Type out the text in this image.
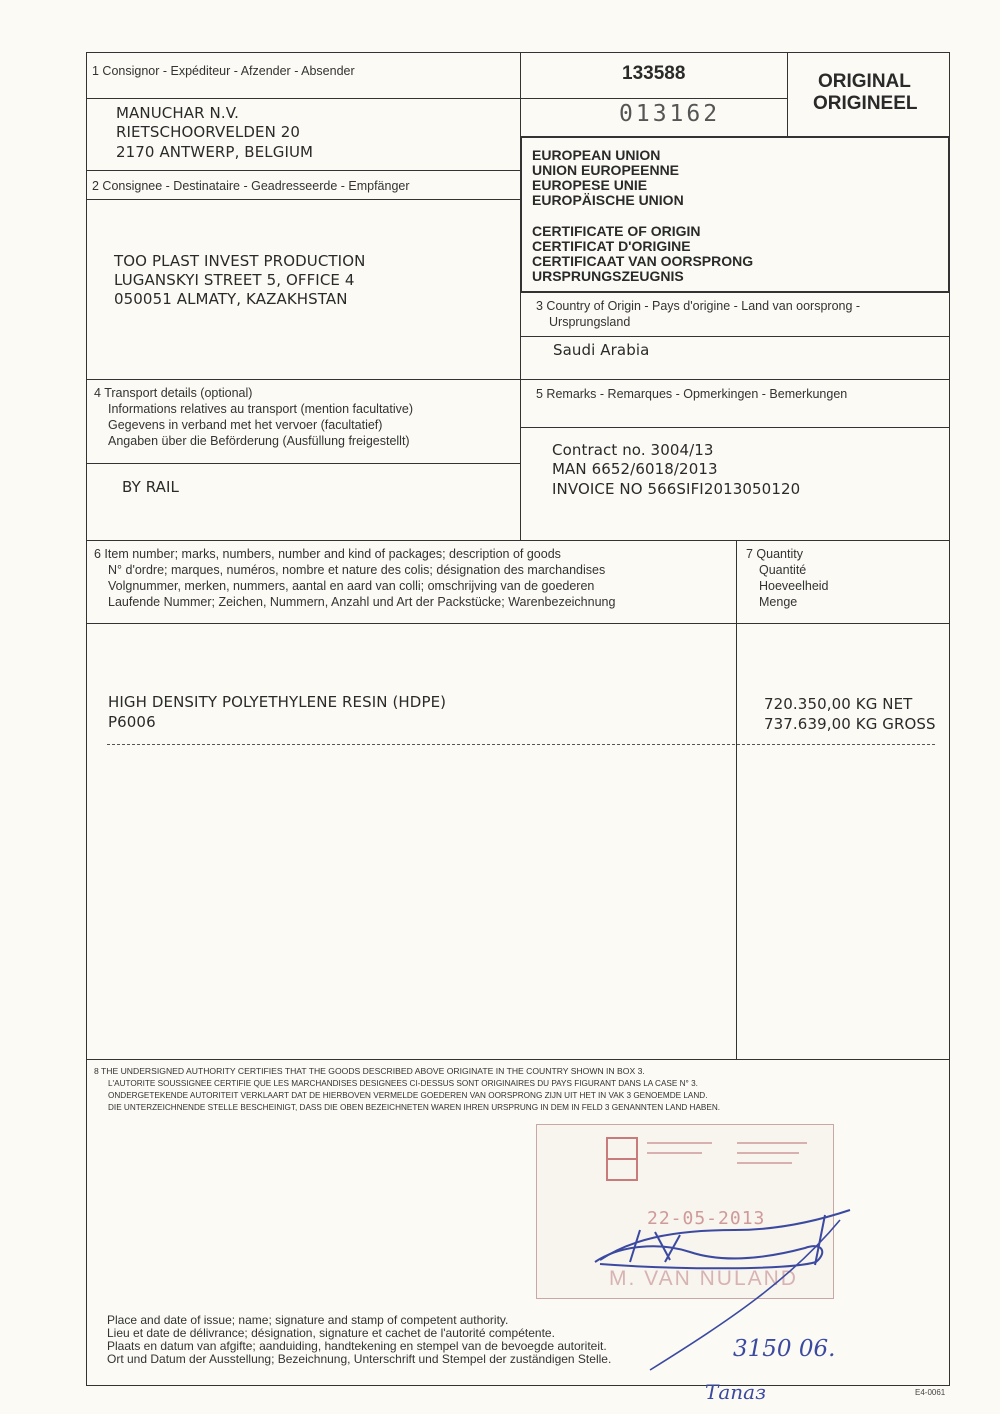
1 Consignor - Expéditeur - Afzender - Absender
MANUCHAR N.V.
RIETSCHOORVELDEN 20
2170 ANTWERP, BELGIUM
2 Consignee - Destinataire - Geadresseerde - Empfänger
TOO PLAST INVEST PRODUCTION
LUGANSKYI STREET 5, OFFICE 4
050051 ALMATY, KAZAKHSTAN
133588
013162
ORIGINAL
ORIGINEEL
EUROPEAN UNION
UNION EUROPEENNE
EUROPESE UNIE
EUROPÄISCHE UNION
CERTIFICATE OF ORIGIN
CERTIFICAT D'ORIGINE
CERTIFICAAT VAN OORSPRONG
URSPRUNGSZEUGNIS
3 Country of Origin - Pays d'origine - Land van oorsprong -
Ursprungsland
Saudi Arabia
4 Transport details (optional)
Informations relatives au transport (mention facultative)
Gegevens in verband met het vervoer (facultatief)
Angaben über die Beförderung (Ausfüllung freigestellt)
BY RAIL
5 Remarks - Remarques - Opmerkingen - Bemerkungen
Contract no. 3004/13
MAN 6652/6018/2013
INVOICE NO 566SIFI2013050120
6 Item number; marks, numbers, number and kind of packages; description of goods
N° d'ordre; marques, numéros, nombre et nature des colis; désignation des marchandises
Volgnummer, merken, nummers, aantal en aard van colli; omschrijving van de goederen
Laufende Nummer; Zeichen, Nummern, Anzahl und Art der Packstücke; Warenbezeichnung
HIGH DENSITY POLYETHYLENE RESIN (HDPE)
P6006
7 Quantity
Quantité
Hoeveelheid
Menge
720.350,00 KG NET
737.639,00 KG GROSS
8 THE UNDERSIGNED AUTHORITY CERTIFIES THAT THE GOODS DESCRIBED ABOVE ORIGINATE IN THE COUNTRY SHOWN IN BOX 3.
L'AUTORITE SOUSSIGNEE CERTIFIE QUE LES MARCHANDISES DESIGNEES CI-DESSUS SONT ORIGINAIRES DU PAYS FIGURANT DANS LA CASE N° 3.
ONDERGETEKENDE AUTORITEIT VERKLAART DAT DE HIERBOVEN VERMELDE GOEDEREN VAN OORSPRONG ZIJN UIT HET IN VAK 3 GENOEMDE LAND.
DIE UNTERZEICHNENDE STELLE BESCHEINIGT, DASS DIE OBEN BEZEICHNETEN WAREN IHREN URSPRUNG IN DEM IN FELD 3 GENANNTEN LAND HABEN.
22-05-2013
M. VAN NULAND
Place and date of issue; name; signature and stamp of competent authority.
Lieu et date de délivrance; désignation, signature et cachet de l'autorité compétente.
Plaats en datum van afgifte; aanduiding, handtekening en stempel van de bevoegde autoriteit.
Ort und Datum der Ausstellung; Bezeichnung, Unterschrift und Stempel der zuständigen Stelle.	3150 06.
Тапаз	E4-0061
